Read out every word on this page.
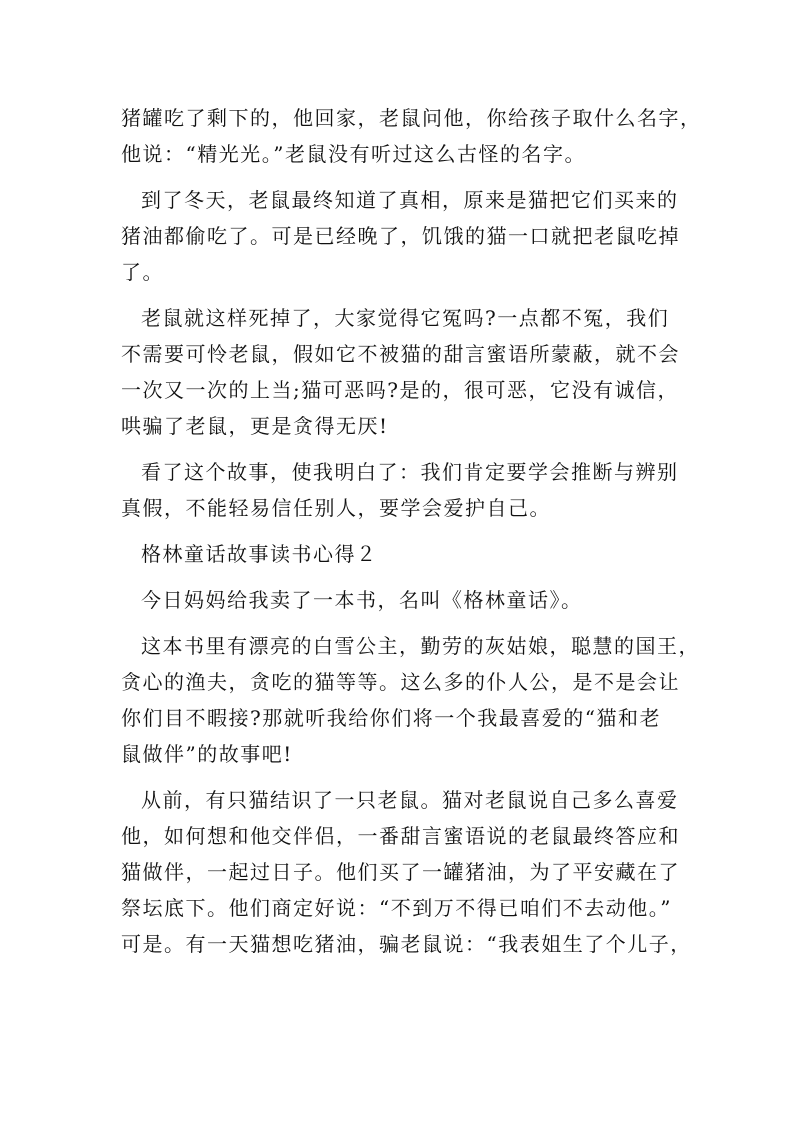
猪罐吃了剩下的，他回家，老鼠问他，你给孩子取什么名字，
他说：“精光光。”老鼠没有听过这么古怪的名字。
到了冬天，老鼠最终知道了真相，原来是猫把它们买来的
猪油都偷吃了。可是已经晚了，饥饿的猫一口就把老鼠吃掉
了。
老鼠就这样死掉了，大家觉得它冤吗?一点都不冤，我们
不需要可怜老鼠，假如它不被猫的甜言蜜语所蒙蔽，就不会
一次又一次的上当;猫可恶吗?是的，很可恶，它没有诚信，
哄骗了老鼠，更是贪得无厌!
看了这个故事，使我明白了：我们肯定要学会推断与辨别
真假，不能轻易信任别人，要学会爱护自己。
格林童话故事读书心得２
今日妈妈给我卖了一本书，名叫《格林童话》。
这本书里有漂亮的白雪公主，勤劳的灰姑娘，聪慧的国王，
贪心的渔夫，贪吃的猫等等。这么多的仆人公，是不是会让
你们目不暇接?那就听我给你们将一个我最喜爱的“猫和老
鼠做伴”的故事吧!
从前，有只猫结识了一只老鼠。猫对老鼠说自己多么喜爱
他，如何想和他交伴侣，一番甜言蜜语说的老鼠最终答应和
猫做伴，一起过日子。他们买了一罐猪油，为了平安藏在了
祭坛底下。他们商定好说：“不到万不得已咱们不去动他。”
可是。有一天猫想吃猪油，骗老鼠说：“我表姐生了个儿子，
